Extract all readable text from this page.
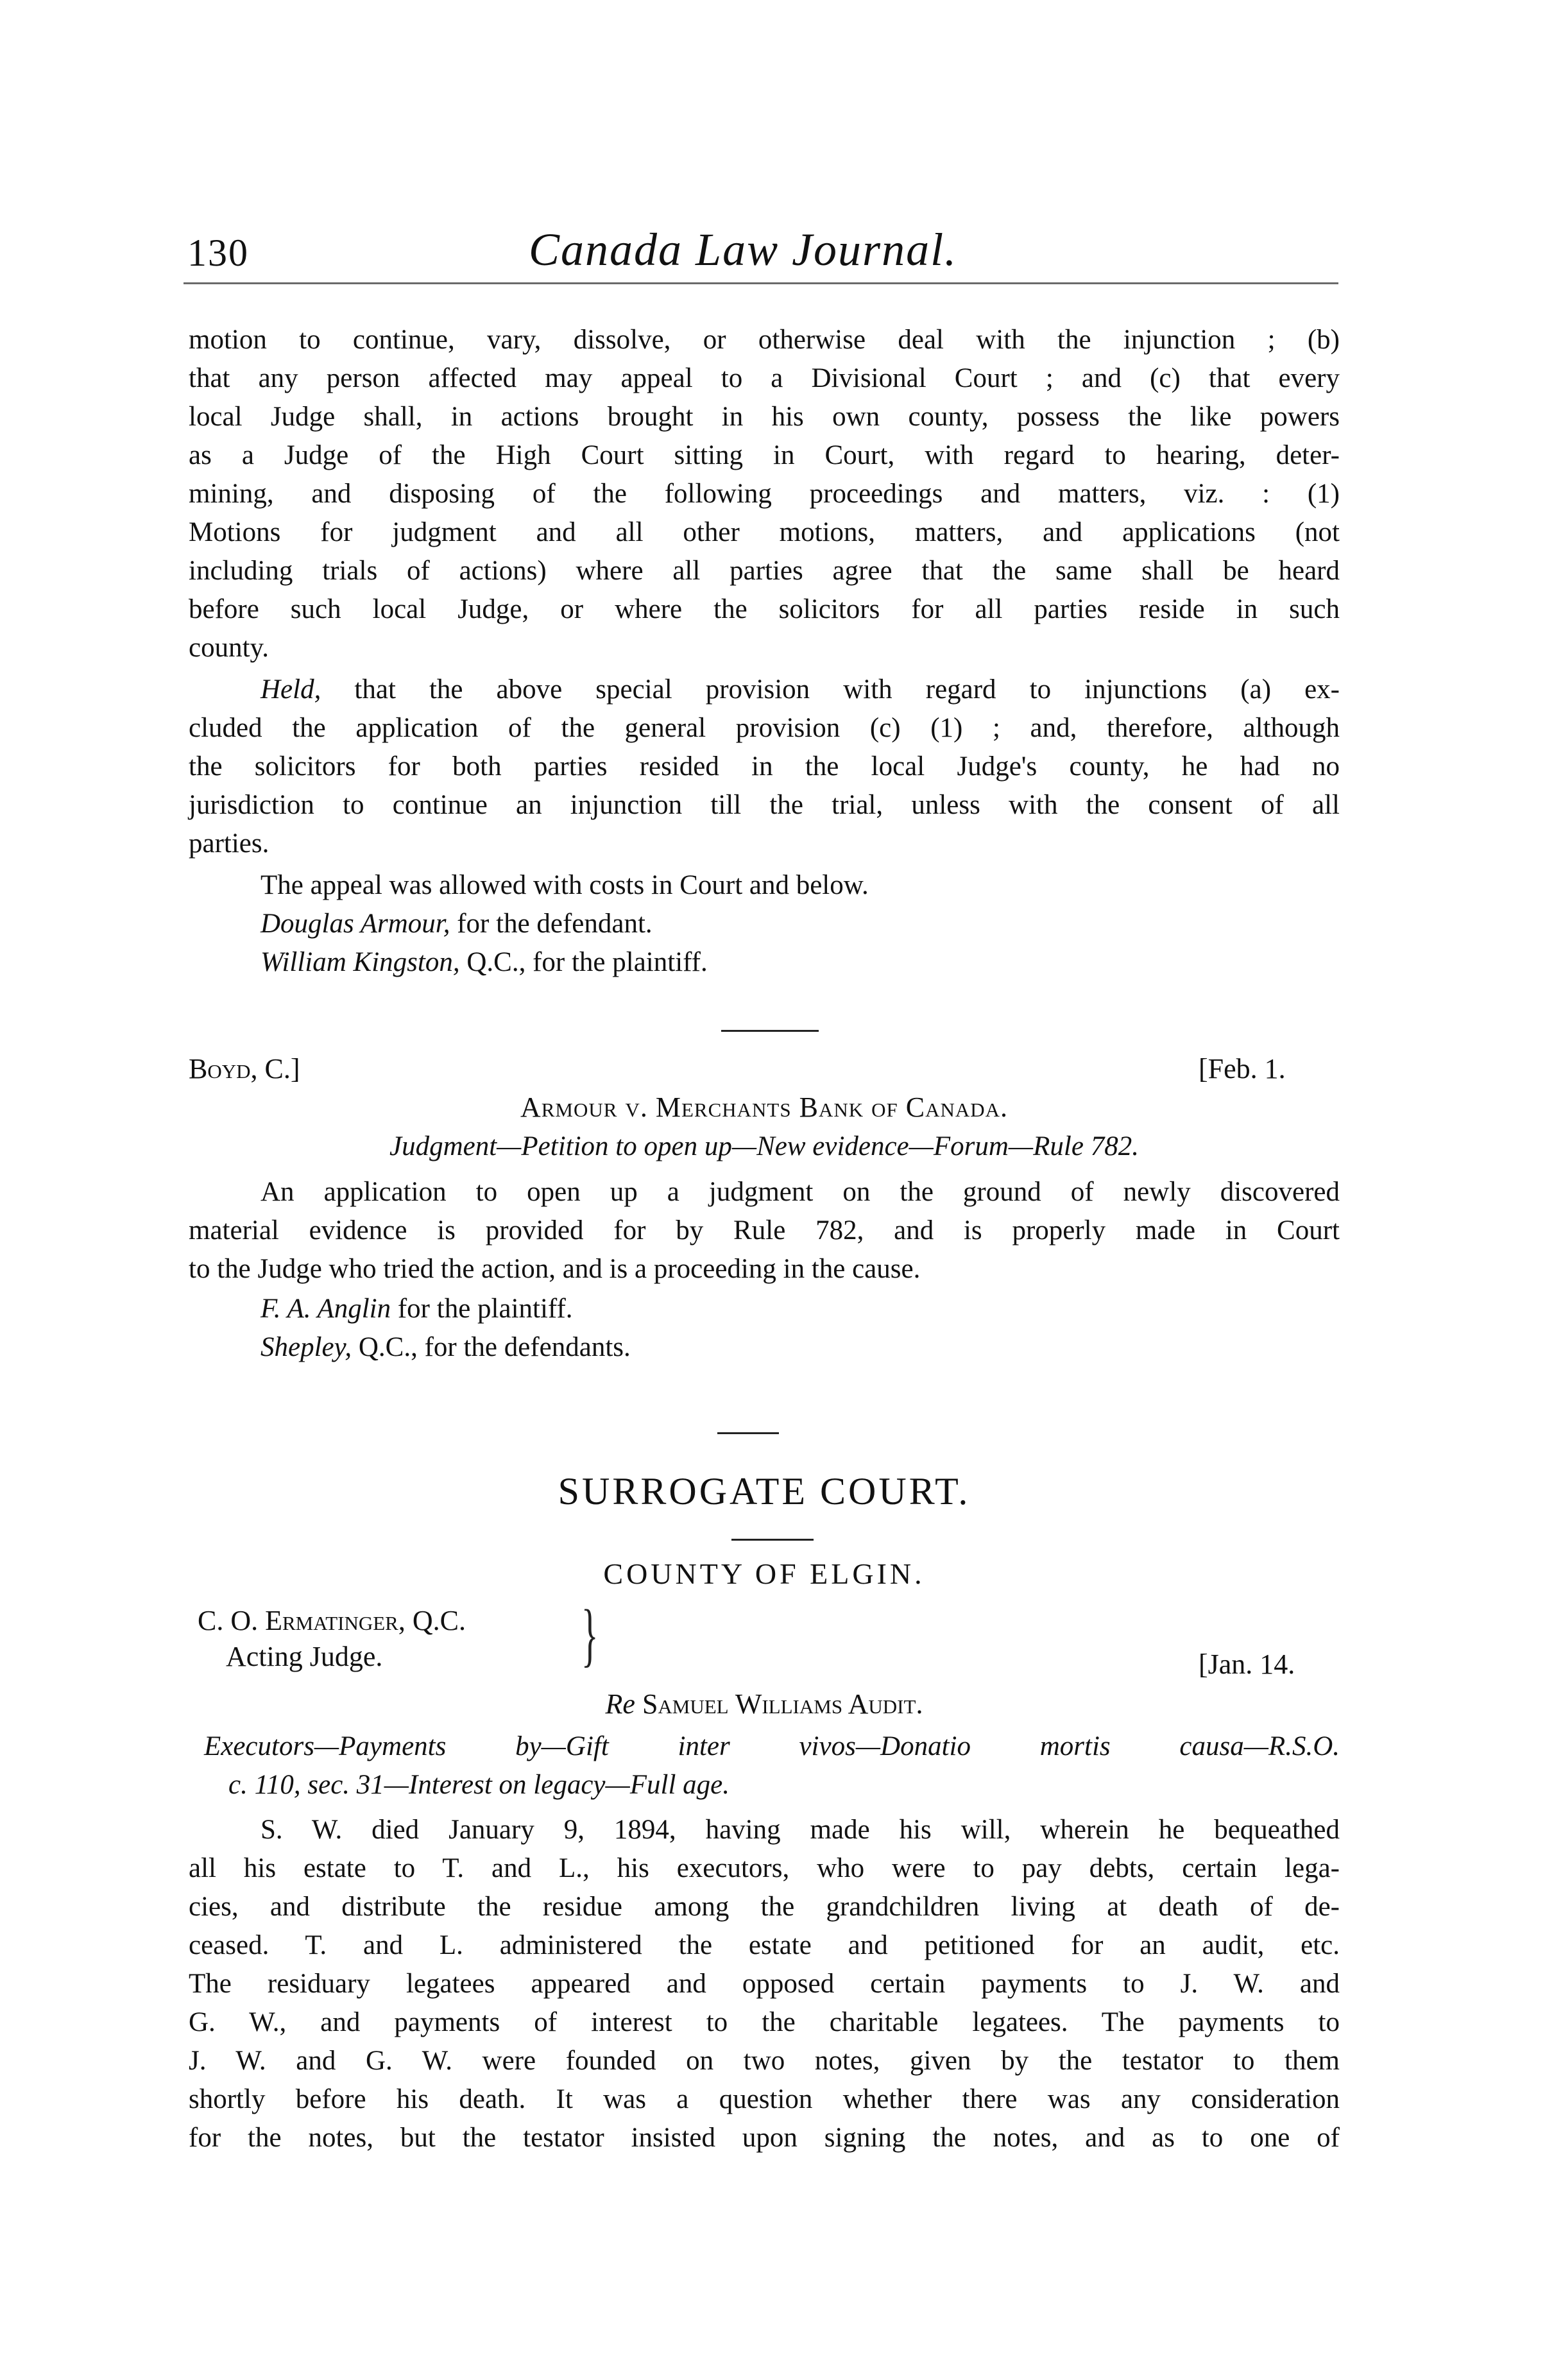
130	Canada Law Journal.
motion to continue, vary, dissolve, or otherwise deal with the injunction ; (b)
that any person affected may appeal to a Divisional Court ; and (c) that every
local Judge shall, in actions brought in his own county, possess the like powers
as a Judge of the High Court sitting in Court, with regard to hearing, deter-
mining, and disposing of the following proceedings and matters, viz. : (1)
Motions for judgment and all other motions, matters, and applications (not
including trials of actions) where all parties agree that the same shall be heard
before such local Judge, or where the solicitors for all parties reside in such
county.
Held, that the above special provision with regard to injunctions (a) ex-
cluded the application of the general provision (c) (1) ; and, therefore, although
the solicitors for both parties resided in the local Judge's county, he had no
jurisdiction to continue an injunction till the trial, unless with the consent of all
parties.
The appeal was allowed with costs in Court and below.
Douglas Armour, for the defendant.
William Kingston, Q.C., for the plaintiff.
Boyd, C.]	[Feb. 1.
Armour v. Merchants Bank of Canada.
Judgment—Petition to open up—New evidence—Forum—Rule 782.
An application to open up a judgment on the ground of newly discovered
material evidence is provided for by Rule 782, and is properly made in Court
to the Judge who tried the action, and is a proceeding in the cause.
F. A. Anglin for the plaintiff.
Shepley, Q.C., for the defendants.
SURROGATE COURT.
COUNTY OF ELGIN.
C. O. Ermatinger, Q.C.
Acting Judge.	}	[Jan. 14.
Re Samuel Williams Audit.
Executors—Payments by—Gift inter vivos—Donatio mortis causa—R.S.O.
c. 110, sec. 31—Interest on legacy—Full age.
S. W. died January 9, 1894, having made his will, wherein he bequeathed
all his estate to T. and L., his executors, who were to pay debts, certain lega-
cies, and distribute the residue among the grandchildren living at death of de-
ceased. T. and L. administered the estate and petitioned for an audit, etc.
The residuary legatees appeared and opposed certain payments to J. W. and
G. W., and payments of interest to the charitable legatees. The payments to
J. W. and G. W. were founded on two notes, given by the testator to them
shortly before his death. It was a question whether there was any consideration
for the notes, but the testator insisted upon signing the notes, and as to one of
